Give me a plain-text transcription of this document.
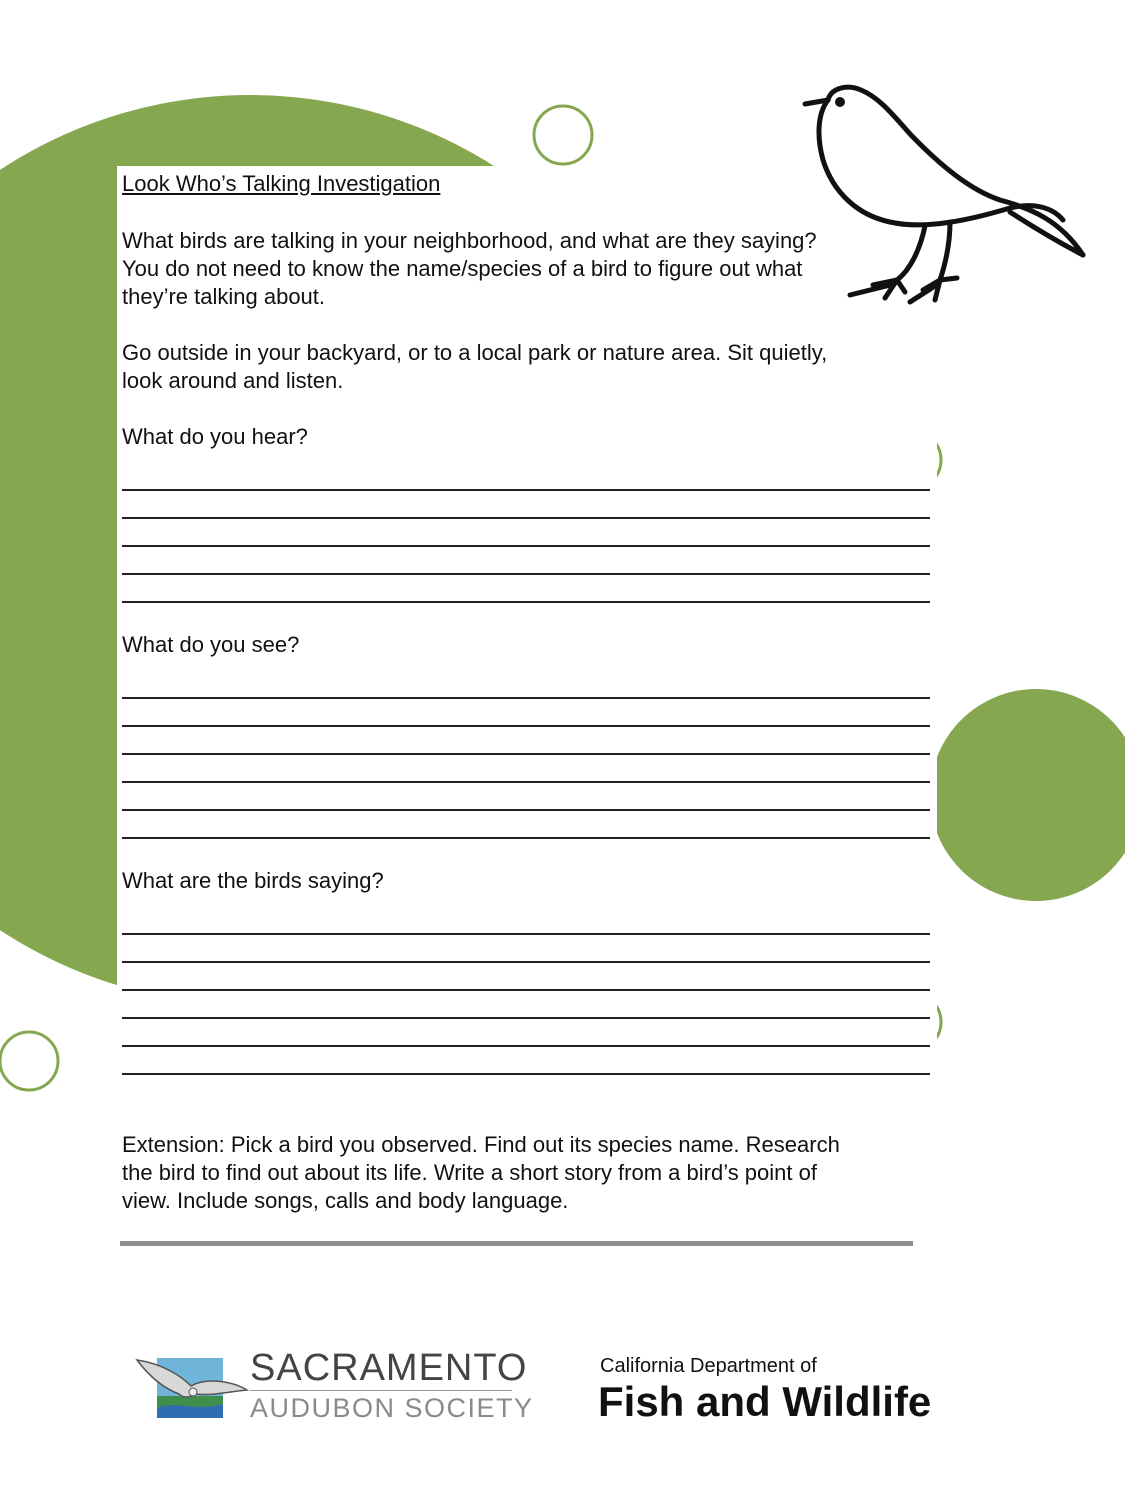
Look Who’s Talking Investigation

What birds are talking in your neighborhood, and what are they saying?

You do not need to know the name/species of a bird to figure out what

they’re talking about.

Go outside in your backyard, or to a local park or nature area. Sit quietly,

look around and listen.

What do you hear?

What do you see?

What are the birds saying?

Extension: Pick a bird you observed. Find out its species name. Research

the bird to find out about its life. Write a short story from a bird’s point of

view. Include songs, calls and body language.

SACRAMENTO
AUDUBON SOCIETY
California Department of
Fish and Wildlife
